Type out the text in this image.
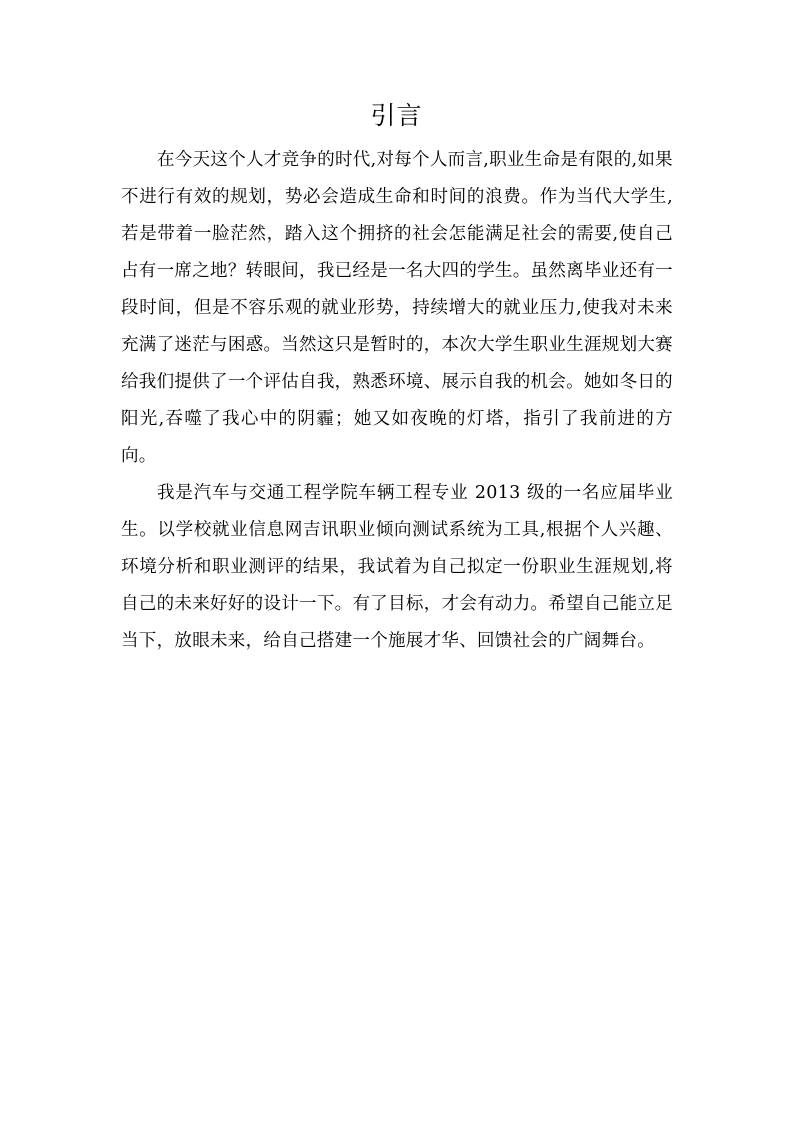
引言

在今天这个人才竞争的时代,对每个人而言,职业生命是有限的,如果不进行有效的规划，势必会造成生命和时间的浪费。作为当代大学生,若是带着一脸茫然，踏入这个拥挤的社会怎能满足社会的需要,使自己占有一席之地？转眼间，我已经是一名大四的学生。虽然离毕业还有一段时间，但是不容乐观的就业形势，持续增大的就业压力,使我对未来充满了迷茫与困惑。当然这只是暂时的，本次大学生职业生涯规划大赛给我们提供了一个评估自我，熟悉环境、展示自我的机会。她如冬日的阳光,吞噬了我心中的阴霾；她又如夜晚的灯塔，指引了我前进的方向。

我是汽车与交通工程学院车辆工程专业 2013 级的一名应届毕业生。以学校就业信息网吉讯职业倾向测试系统为工具,根据个人兴趣、环境分析和职业测评的结果，我试着为自己拟定一份职业生涯规划,将自己的未来好好的设计一下。有了目标，才会有动力。希望自己能立足当下，放眼未来，给自己搭建一个施展才华、回馈社会的广阔舞台。
